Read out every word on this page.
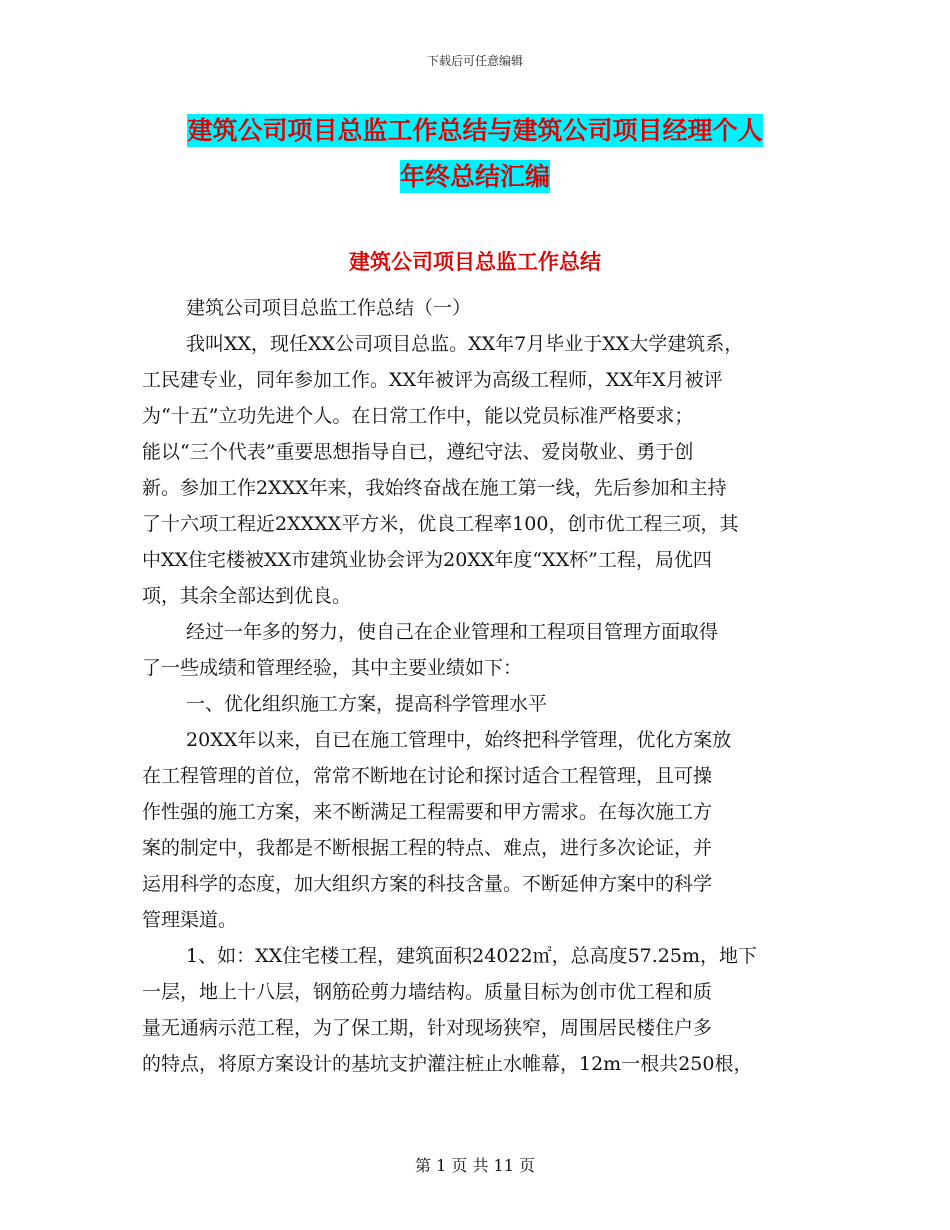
下载后可任意编辑
建筑公司项目总监工作总结与建筑公司项目经理个人
年终总结汇编
建筑公司项目总监工作总结
建筑公司项目总监工作总结（一）
我叫XX，现任XX公司项目总监。XX年7月毕业于XX大学建筑系，
工民建专业，同年参加工作。XX年被评为高级工程师，XX年X月被评
为“十五”立功先进个人。在日常工作中，能以党员标准严格要求；
能以“三个代表”重要思想指导自已，遵纪守法、爱岗敬业、勇于创
新。参加工作2XXX年来，我始终奋战在施工第一线，先后参加和主持
了十六项工程近2XXXX平方米，优良工程率100，创市优工程三项，其
中XX住宅楼被XX市建筑业协会评为20XX年度“XX杯”工程，局优四
项，其余全部达到优良。
经过一年多的努力，使自己在企业管理和工程项目管理方面取得
了一些成绩和管理经验，其中主要业绩如下：
一、优化组织施工方案，提高科学管理水平
20XX年以来，自已在施工管理中，始终把科学管理，优化方案放
在工程管理的首位，常常不断地在讨论和探讨适合工程管理，且可操
作性强的施工方案，来不断满足工程需要和甲方需求。在每次施工方
案的制定中，我都是不断根据工程的特点、难点，进行多次论证，并
运用科学的态度，加大组织方案的科技含量。不断延伸方案中的科学
管理渠道。
1、如：XX住宅楼工程，建筑面积24022㎡，总高度57.25m，地下
一层，地上十八层，钢筋砼剪力墙结构。质量目标为创市优工程和质
量无通病示范工程，为了保工期，针对现场狭窄，周围居民楼住户多
的特点，将原方案设计的基坑支护灌注桩止水帷幕，12m一根共250根，
第 1 页 共 11 页
